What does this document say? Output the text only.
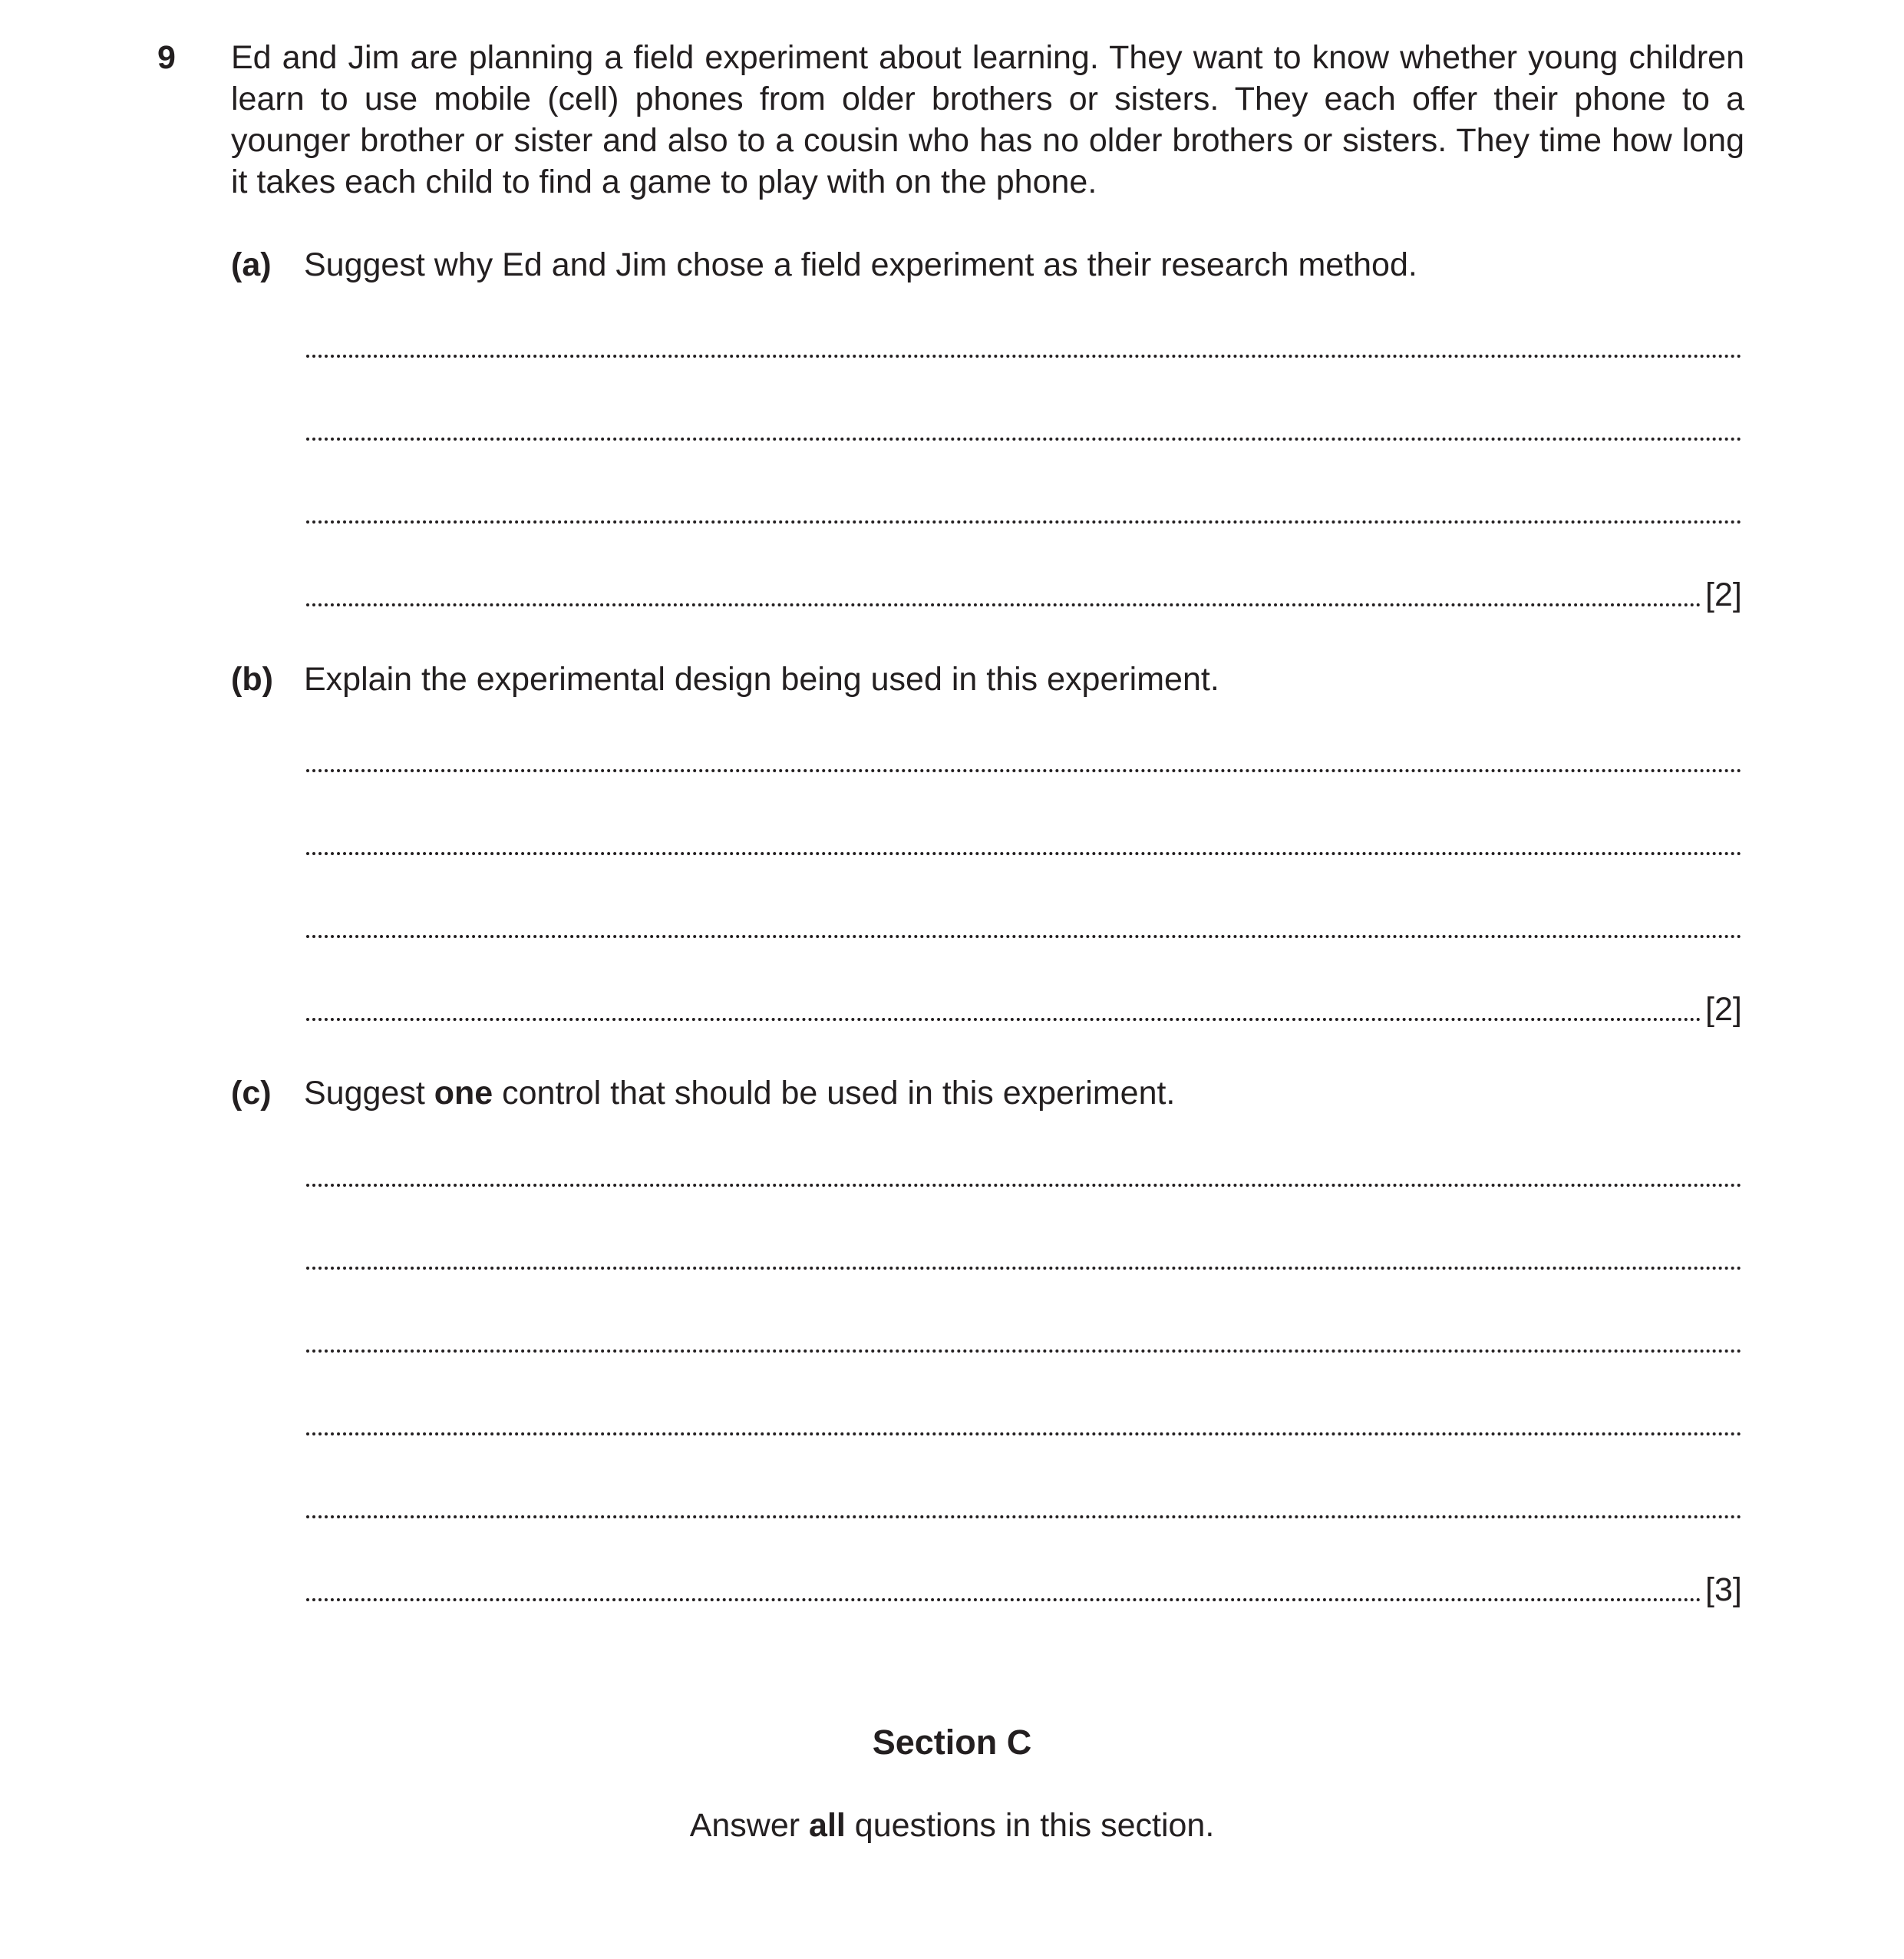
9 Ed and Jim are planning a field experiment about learning. They want to know whether young children learn to use mobile (cell) phones from older brothers or sisters. They each offer their phone to a younger brother or sister and also to a cousin who has no older brothers or sisters. They time how long it takes each child to find a game to play with on the phone.
(a) Suggest why Ed and Jim chose a field experiment as their research method.
[2]
(b) Explain the experimental design being used in this experiment.
[2]
(c) Suggest one control that should be used in this experiment.
[3]
Section C
Answer all questions in this section.
